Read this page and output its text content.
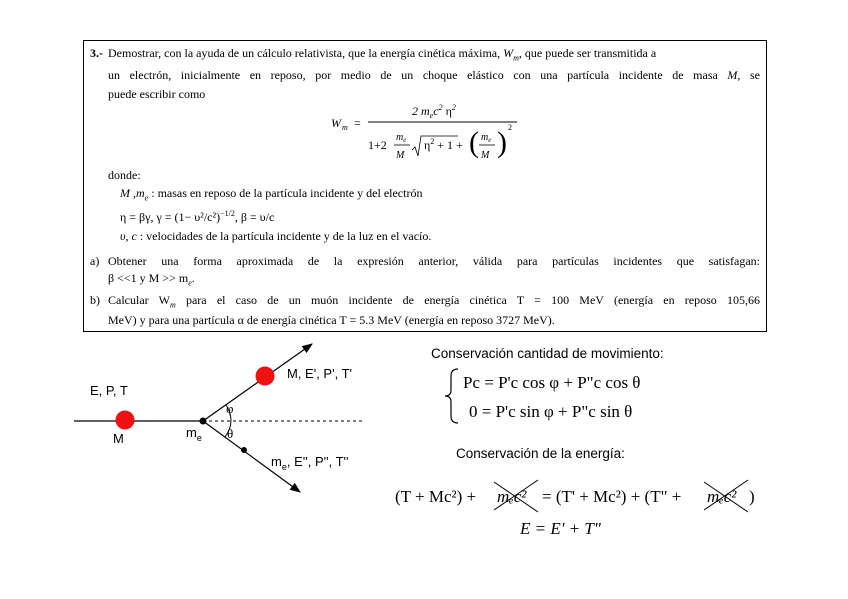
3.- Demostrar, con la ayuda de un cálculo relativista, que la energía cinética máxima, $W_m$, que puede ser transmitida a
un electrón, inicialmente en reposo, por medio de un choque elástico con una partícula incidente de masa M, se
puede escribir como
W m =
2 $m_ec^2$ $\eta^2$
1+2
$m_e$
M
$\eta^2 + 1$ + ( $m_e$
M ) 2
donde:
M $,m_e$ : masas en reposo de la partícula incidente y del electrón
η = βγ, $\gamma = (1- \upsilon^2/c^2)^{-1/2}$, β = υ/c
υ, c : velocidades de la partícula incidente y de la luz en el vacío.
a) Obtener una forma aproximada de la expresión anterior, válida para partículas incidentes que satisfagan:
β <<1 y $M >> m_e$.
b) Calcular $W_m$ para el caso de un muón incidente de energía cinética T = 100 MeV (energía en reposo 105,66
MeV) y para una partícula α de energía cinética T = 5.3 MeV (energía en reposo 3727 MeV).
E, P, T
M	$m_e$
M, E', P', T'
$m_e$, E'', P'', T''
φ
θ
Conservación cantidad de movimiento:
Pc = P'c cos φ + P"c cos θ
0 = P'c sin φ + P"c sin θ
Conservación de la energía:
(T + Mc²) + mₑc² = (T' + Mc²) + (T" + mₑc² )
E = E' + T"
